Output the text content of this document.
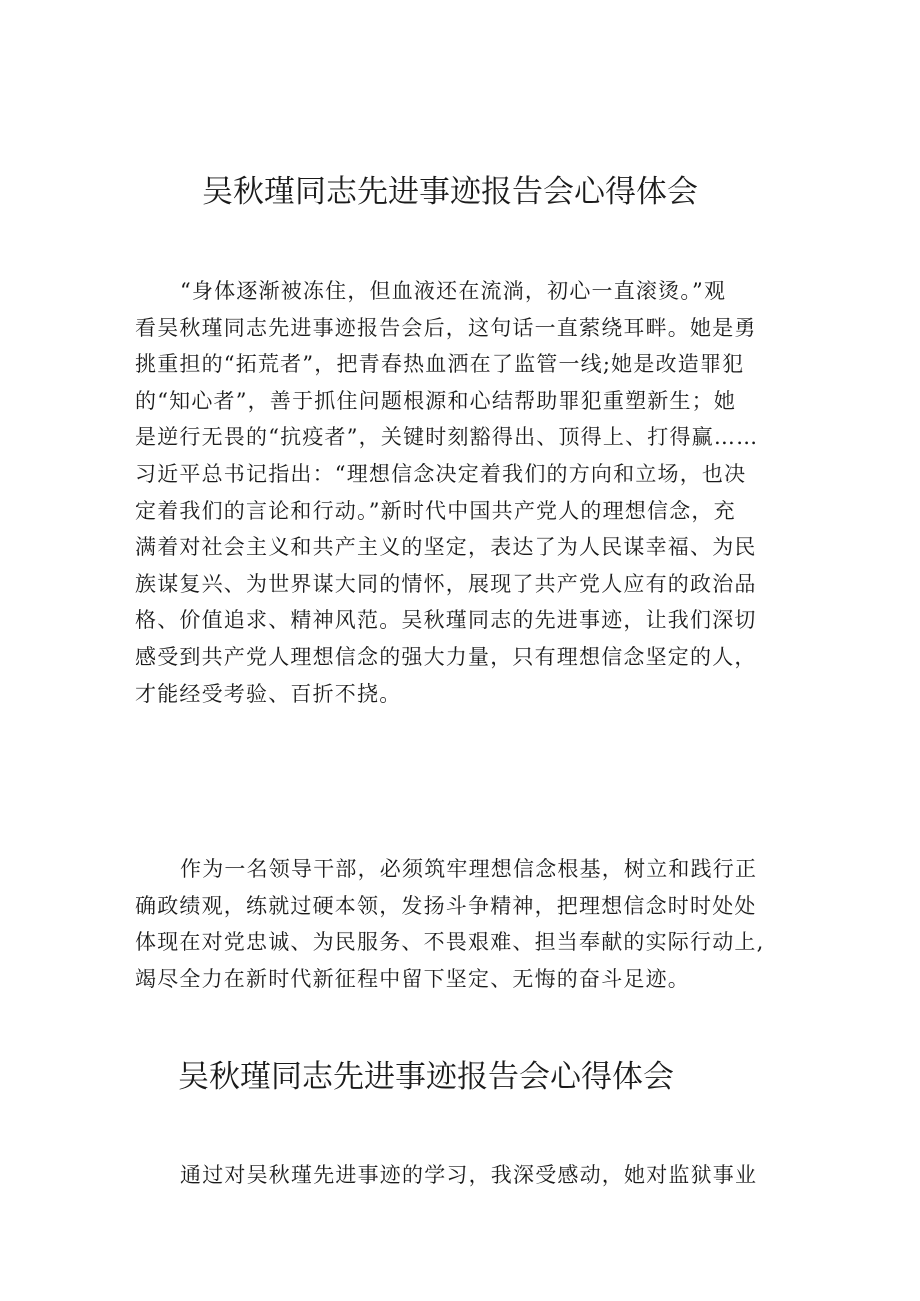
吴秋瑾同志先进事迹报告会心得体会
“身体逐渐被冻住，但血液还在流淌，初心一直滚烫。”观
看吴秋瑾同志先进事迹报告会后，这句话一直萦绕耳畔。她是勇
挑重担的“拓荒者”，把青春热血洒在了监管一线;她是改造罪犯
的“知心者”，善于抓住问题根源和心结帮助罪犯重塑新生；她
是逆行无畏的“抗疫者”，关键时刻豁得出、顶得上、打得赢……
习近平总书记指出：“理想信念决定着我们的方向和立场，也决
定着我们的言论和行动。”新时代中国共产党人的理想信念，充
满着对社会主义和共产主义的坚定，表达了为人民谋幸福、为民
族谋复兴、为世界谋大同的情怀，展现了共产党人应有的政治品
格、价值追求、精神风范。吴秋瑾同志的先进事迹，让我们深切
感受到共产党人理想信念的强大力量，只有理想信念坚定的人，
才能经受考验、百折不挠。
作为一名领导干部，必须筑牢理想信念根基，树立和践行正
确政绩观，练就过硬本领，发扬斗争精神，把理想信念时时处处
体现在对党忠诚、为民服务、不畏艰难、担当奉献的实际行动上,
竭尽全力在新时代新征程中留下坚定、无悔的奋斗足迹。
吴秋瑾同志先进事迹报告会心得体会
通过对吴秋瑾先进事迹的学习，我深受感动，她对监狱事业
